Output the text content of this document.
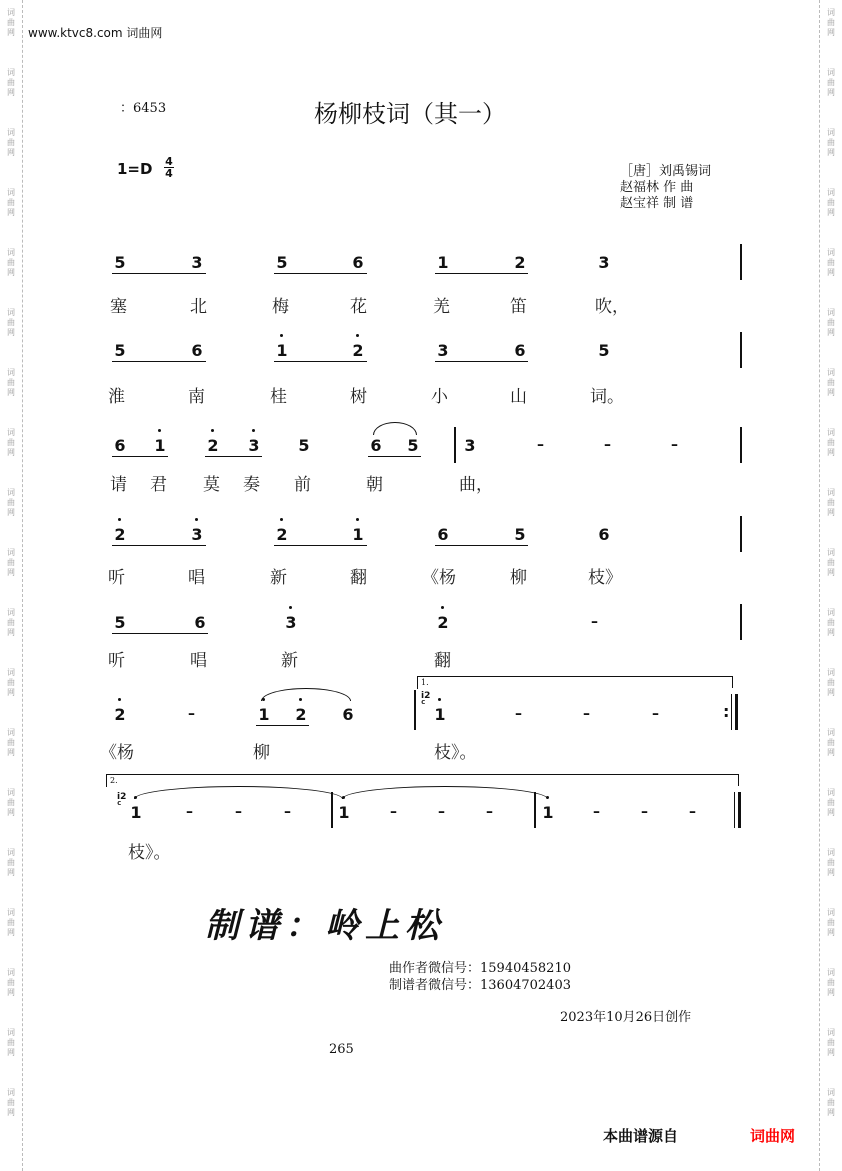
www.ktvc8.com 词曲网
：6453	杨柳枝词（其一）
1=D 4
4	［唐］刘禹锡词
赵福林 作 曲
赵宝祥 制 谱
5	3	5	6	1	2	3
塞	北	梅	花	羌	笛	吹，
5	6	1	2	3	6	5
淮	南	桂	树	小	山	词。
6 1	2 3 5	6 5	3	–	–	–
请 君 莫 奏 前	朝	曲，
2	3	2	1	6	5	6
听	唱	新	翻	《杨	柳	枝》
5	6	3	2	–
听	唱	新	翻
2	–	1 2 6
1.
i2
ᑦ 1	–	–	–	:
《杨	柳	枝》。
2.
i2
ᑦ 1	–	–	–	1	–	–	–	1	–	–	–
枝》。
制谱：岭上松
曲作者微信号：15940458210
制谱者微信号：13604702403
2023年10月26日创作
265
本曲谱源自	词曲网
词
曲
网
词
曲
网
词
曲
网
词
曲
网
词
曲
网
词
曲
网
词
曲
网
词
曲
网
词
曲
网
词
曲
网
词
曲
网
词
曲
网
词
曲
网
词
曲
网
词
曲
网
词
曲
网
词
曲
网
词
曲
网
词
曲
网
词
曲
网
词
曲
网
词
曲
网
词
曲
网
词
曲
网
词
曲
网
词
曲
网
词
曲
网
词
曲
网
词
曲
网
词
曲
网
词
曲
网
词
曲
网
词
曲
网
词
曲
网
词
曲
网
词
曲
网
词
曲
网
词
曲
网
